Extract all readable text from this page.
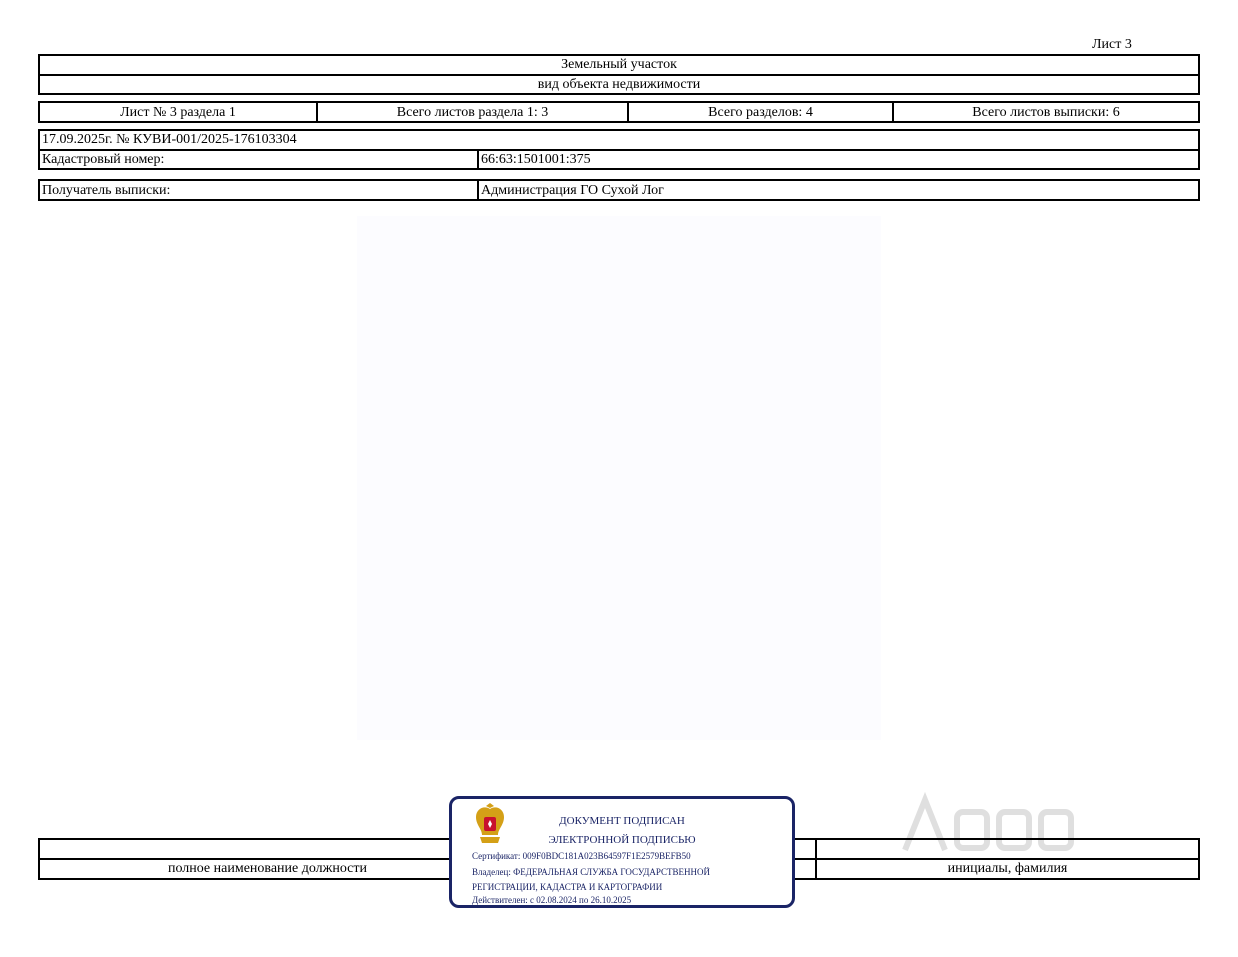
Лист 3
Земельный участок
вид объекта недвижимости
Лист № 3 раздела 1	Всего листов раздела 1: 3	Всего разделов: 4	Всего листов выписки: 6
17.09.2025г. № КУВИ-001/2025-176103304
Кадастровый номер:	66:63:1501001:375
Получатель выписки:	Администрация ГО Сухой Лог
полное наименование должности	инициалы, фамилия
ДОКУМЕНТ ПОДПИСАН
ЭЛЕКТРОННОЙ ПОДПИСЬЮ
Сертификат: 009F0BDC181A023B64597F1E2579BEFB50
Владелец: ФЕДЕРАЛЬНАЯ СЛУЖБА ГОСУДАРСТВЕННОЙ
РЕГИСТРАЦИИ, КАДАСТРА И КАРТОГРАФИИ
Действителен: с 02.08.2024 по 26.10.2025
